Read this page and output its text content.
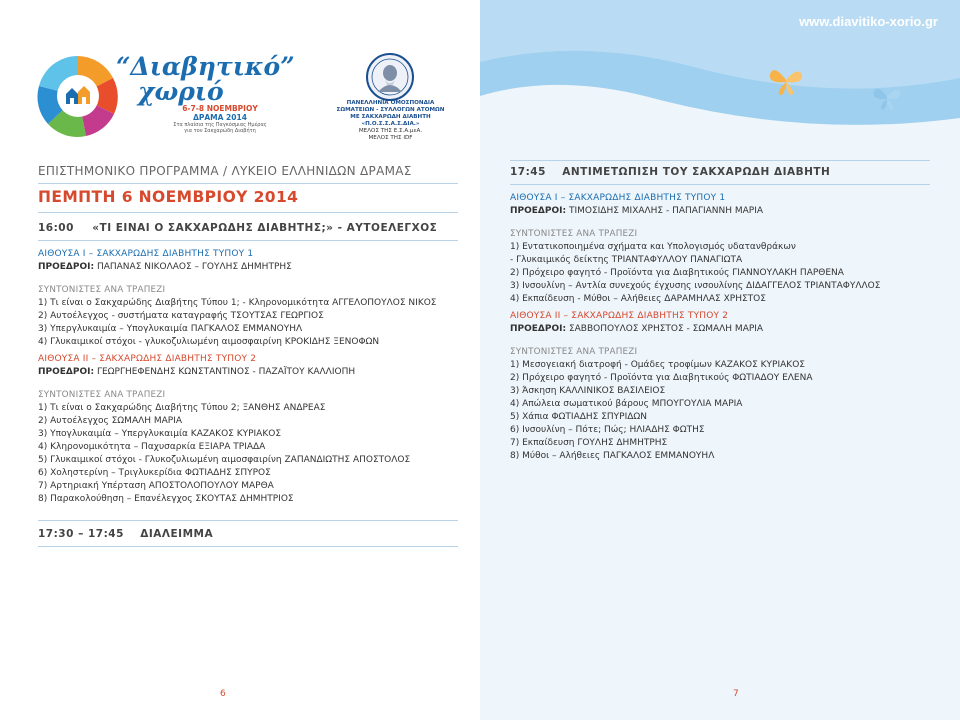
“Διαβητικό”
χωριό
6-7-8 ΝΟΕΜΒΡΙΟΥ
ΔΡΑΜΑ 2014
Στα πλαίσια της Παγκόσμιας Ημέρας
για τον Σακχαρώδη Διαβήτη
ΠΑΝΕΛΛΗΝΙΑ ΟΜΟΣΠΟΝΔΙΑ
ΣΩΜΑΤΕΙΩΝ - ΣΥΛΛΟΓΩΝ ΑΤΟΜΩΝ
ΜΕ ΣΑΚΧΑΡΩΔΗ ΔΙΑΒΗΤΗ
«Π.Ο.Σ.Σ.Α.Σ.ΔΙΑ.»
ΜΕΛΟΣ ΤΗΣ Ε.Σ.Α.μεΑ.
ΜΕΛΟΣ ΤΗΣ IDF
ΕΠΙΣΤΗΜΟΝΙΚΟ ΠΡΟΓΡΑΜΜΑ / ΛΥΚΕΙΟ ΕΛΛΗΝΙΔΩΝ ΔΡΑΜΑΣ
ΠΕΜΠΤΗ 6 ΝΟΕΜΒΡΙΟΥ 2014
16:00 «ΤΙ ΕΙΝΑΙ Ο ΣΑΚΧΑΡΩΔΗΣ ΔΙΑΒΗΤΗΣ;» - ΑΥΤΟΕΛΕΓΧΟΣ
ΑΙΘΟΥΣΑ Ι – ΣΑΚΧΑΡΩΔΗΣ ΔΙΑΒΗΤΗΣ ΤΥΠΟΥ 1
ΠΡΟΕΔΡΟΙ: ΠΑΠΑΝΑΣ ΝΙΚΟΛΑΟΣ – ΓΟΥΛΗΣ ΔΗΜΗΤΡΗΣ
ΣΥΝΤΟΝΙΣΤΕΣ ΑΝΑ ΤΡΑΠΕΖΙ
1) Τι είναι ο Σακχαρώδης Διαβήτης Τύπου 1; - Κληρονομικότητα ΑΓΓΕΛΟΠΟΥΛΟΣ ΝΙΚΟΣ
2) Αυτοέλεγχος - συστήματα καταγραφής ΤΣΟΥΤΣΑΣ ΓΕΩΡΓΙΟΣ
3) Υπεργλυκαιμία – Υπογλυκαιμία ΠΑΓΚΑΛΟΣ ΕΜΜΑΝΟΥΗΛ
4) Γλυκαιμικοί στόχοι - γλυκοζυλιωμένη αιμοσφαιρίνη ΚΡΟΚΙΔΗΣ ΞΕΝΟΦΩΝ
ΑΙΘΟΥΣΑ ΙΙ – ΣΑΚΧΑΡΩΔΗΣ ΔΙΑΒΗΤΗΣ ΤΥΠΟΥ 2
ΠΡΟΕΔΡΟΙ: ΓΕΩΡΓΗΕΦΕΝΔΗΣ ΚΩΝΣΤΑΝΤΙΝΟΣ - ΠΑΖΑΪΤΟΥ ΚΑΛΛΙΟΠΗ
ΣΥΝΤΟΝΙΣΤΕΣ ΑΝΑ ΤΡΑΠΕΖΙ
1) Τι είναι ο Σακχαρώδης Διαβήτης Τύπου 2; ΞΑΝΘΗΣ ΑΝΔΡΕΑΣ
2) Αυτοέλεγχος ΣΩΜΑΛΗ ΜΑΡΙΑ
3) Υπογλυκαιμία – Υπεργλυκαιμία ΚΑΖΑΚΟΣ ΚΥΡΙΑΚΟΣ
4) Κληρονομικότητα – Παχυσαρκία ΕΞΙΑΡΑ ΤΡΙΑΔΑ
5) Γλυκαιμικοί στόχοι - Γλυκοζυλιωμένη αιμοσφαιρίνη ΖΑΠΑΝΔΙΩΤΗΣ ΑΠΟΣΤΟΛΟΣ
6) Χοληστερίνη – Τριγλυκερίδια ΦΩΤΙΑΔΗΣ ΣΠΥΡΟΣ
7) Αρτηριακή Υπέρταση ΑΠΟΣΤΟΛΟΠΟΥΛΟΥ ΜΑΡΘΑ
8) Παρακολούθηση – Επανέλεγχος ΣΚΟΥΤΑΣ ΔΗΜΗΤΡΙΟΣ
17:30 – 17:45 ΔΙΑΛΕΙΜΜΑ
6
www.diavitiko-xorio.gr
17:45 ΑΝΤΙΜΕΤΩΠΙΣΗ ΤΟΥ ΣΑΚΧΑΡΩΔΗ ΔΙΑΒΗΤΗ
ΑΙΘΟΥΣΑ Ι – ΣΑΚΧΑΡΩΔΗΣ ΔΙΑΒΗΤΗΣ ΤΥΠΟΥ 1
ΠΡΟΕΔΡΟΙ: ΤΙΜΟΣΙΔΗΣ ΜΙΧΑΛΗΣ - ΠΑΠΑΓΙΑΝΝΗ ΜΑΡΙΑ
ΣΥΝΤΟΝΙΣΤΕΣ ΑΝΑ ΤΡΑΠΕΖΙ
1) Εντατικοποιημένα σχήματα και Υπολογισμός υδατανθράκων
- Γλυκαιμικός δείκτης ΤΡΙΑΝΤΑΦΥΛΛΟΥ ΠΑΝΑΓΙΩΤΑ
2) Πρόχειρο φαγητό - Προϊόντα για Διαβητικούς ΓΙΑΝΝΟΥΛΑΚΗ ΠΑΡΘΕΝΑ
3) Ινσουλίνη – Αντλία συνεχούς έγχυσης ινσουλίνης ΔΙΔΑΓΓΕΛΟΣ ΤΡΙΑΝΤΑΦΥΛΛΟΣ
4) Εκπαίδευση - Μύθοι – Αλήθειες ΔΑΡΑΜΗΛΑΣ ΧΡΗΣΤΟΣ
ΑΙΘΟΥΣΑ ΙΙ – ΣΑΚΧΑΡΩΔΗΣ ΔΙΑΒΗΤΗΣ ΤΥΠΟΥ 2
ΠΡΟΕΔΡΟΙ: ΣΑΒΒΟΠΟΥΛΟΣ ΧΡΗΣΤΟΣ - ΣΩΜΑΛΗ ΜΑΡΙΑ
ΣΥΝΤΟΝΙΣΤΕΣ ΑΝΑ ΤΡΑΠΕΖΙ
1) Μεσογειακή διατροφή - Ομάδες τροφίμων ΚΑΖΑΚΟΣ ΚΥΡΙΑΚΟΣ
2) Πρόχειρο φαγητό - Προϊόντα για Διαβητικούς ΦΩΤΙΑΔΟΥ ΕΛΕΝΑ
3) Άσκηση ΚΑΛΛΙΝΙΚΟΣ ΒΑΣΙΛΕΙΟΣ
4) Απώλεια σωματικού βάρους ΜΠΟΥΓΟΥΛΙΑ ΜΑΡΙΑ
5) Χάπια ΦΩΤΙΑΔΗΣ ΣΠΥΡΙΔΩΝ
6) Ινσουλίνη – Πότε; Πώς; ΗΛΙΑΔΗΣ ΦΩΤΗΣ
7) Εκπαίδευση ΓΟΥΛΗΣ ΔΗΜΗΤΡΗΣ
8) Μύθοι – Αλήθειες ΠΑΓΚΑΛΟΣ ΕΜΜΑΝΟΥΗΛ
7
